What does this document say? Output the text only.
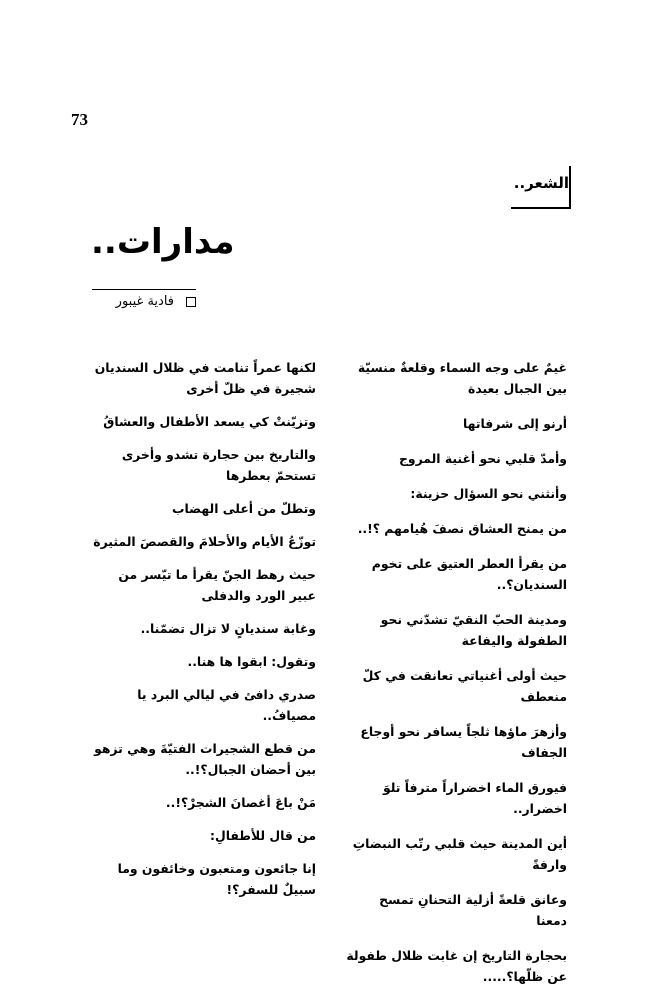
73
الشعر..
مدارات..
فادية غيبور
غيمٌ على وجه السماء وقلعةٌ منسيّة بين الجبال بعيدة
أرنو إلى شرفاتها
وأمدّ قلبي نحو أغنية المروج
وأنثني نحو السؤال حزينة:
من يمنح العشاق نصفَ هُيامهم ؟!..
من يقرأ العطر العتيق على تخوم السنديان؟..
ومدينة الحبّ النقيّ تشدّني نحو الطفولة واليفاعة
حيث أولى أغنياتي تعانقت في كلّ منعطف
وأزهرَ ماؤها ثلجاً يسافر نحو أوجاع الجفاف
فيورق الماء اخضراراً مترفاً تلوَ اخضرار..
أين المدينة حيث قلبي رتّب النبضاتِ وارفةً
وعانق قلعةً أزلية التحنانِ تمسح دمعنا
بحجارة التاريخ إن غابت ظلال طفولة عن ظلّها؟.....
لكنها عمراً تنامت في ظلال السنديان شجيرة في ظلّ أخرى
وتزيّنتْ كي يسعد الأطفال والعشاقُ
والتاريخ بين حجارة تشدو وأخرى تستحمّ بعطرها
وتطلّ من أعلى الهضاب
توزّعُ الأيام والأحلامَ والقصصَ المثيرة
حيث رهط الجنّ يقرأ ما تيّسر من عبير الورد والدفلى
وغابة سنديانٍ لا تزال تضمّنا..
وتقول: ابقوا ها هنا..
صدري دافئ في ليالي البرد يا مصيافُ..
من قطع الشجيرات الفتيّةَ وهي تزهو بين أحضان الجبال؟!..
مَنْ باعَ أغصانَ الشجرْ؟!..
من قال للأطفالِ:
إنا جائعون ومتعبون وخائفون وما سبيلٌ للسفر؟!
